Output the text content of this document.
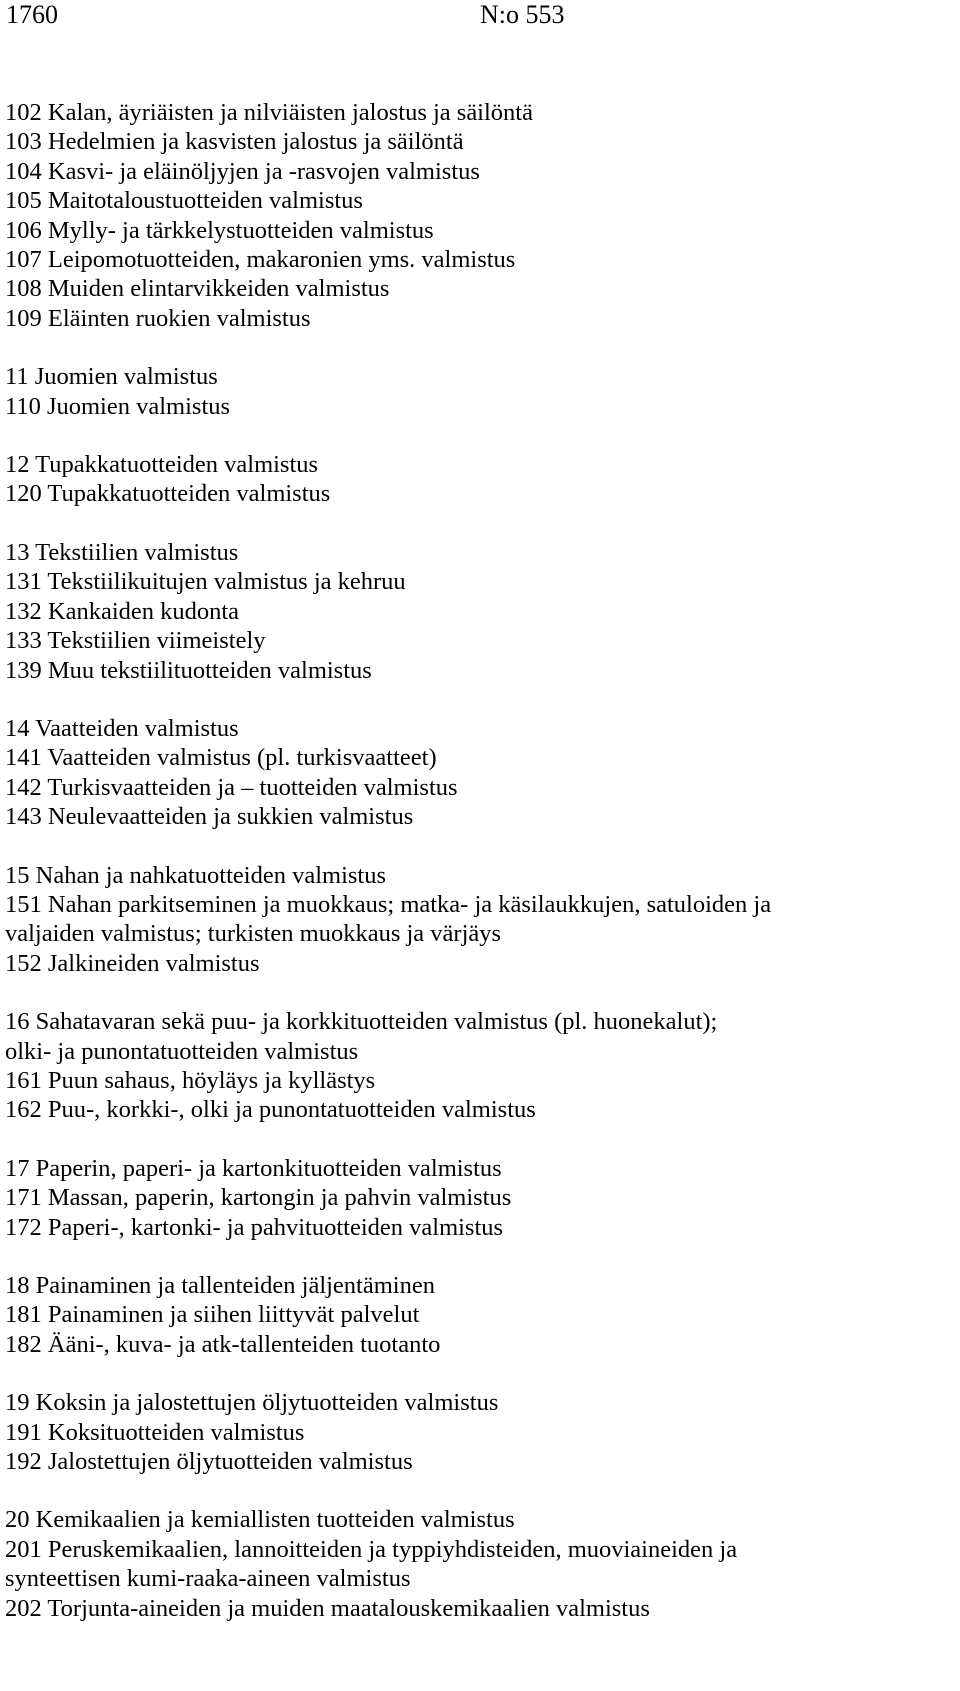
1760	N:o 553
102 Kalan, äyriäisten ja nilviäisten jalostus ja säilöntä
103 Hedelmien ja kasvisten jalostus ja säilöntä
104 Kasvi- ja eläinöljyjen ja -rasvojen valmistus
105 Maitotaloustuotteiden valmistus
106 Mylly- ja tärkkelystuotteiden valmistus
107 Leipomotuotteiden, makaronien yms. valmistus
108 Muiden elintarvikkeiden valmistus
109 Eläinten ruokien valmistus
11 Juomien valmistus
110 Juomien valmistus
12 Tupakkatuotteiden valmistus
120 Tupakkatuotteiden valmistus
13 Tekstiilien valmistus
131 Tekstiilikuitujen valmistus ja kehruu
132 Kankaiden kudonta
133 Tekstiilien viimeistely
139 Muu tekstiilituotteiden valmistus
14 Vaatteiden valmistus
141 Vaatteiden valmistus (pl. turkisvaatteet)
142 Turkisvaatteiden ja – tuotteiden valmistus
143 Neulevaatteiden ja sukkien valmistus
15 Nahan ja nahkatuotteiden valmistus
151 Nahan parkitseminen ja muokkaus; matka- ja käsilaukkujen, satuloiden ja
valjaiden valmistus; turkisten muokkaus ja värjäys
152 Jalkineiden valmistus
16 Sahatavaran sekä puu- ja korkkituotteiden valmistus (pl. huonekalut);
olki- ja punontatuotteiden valmistus
161 Puun sahaus, höyläys ja kyllästys
162 Puu-, korkki-, olki ja punontatuotteiden valmistus
17 Paperin, paperi- ja kartonkituotteiden valmistus
171 Massan, paperin, kartongin ja pahvin valmistus
172 Paperi-, kartonki- ja pahvituotteiden valmistus
18 Painaminen ja tallenteiden jäljentäminen
181 Painaminen ja siihen liittyvät palvelut
182 Ääni-, kuva- ja atk-tallenteiden tuotanto
19 Koksin ja jalostettujen öljytuotteiden valmistus
191 Koksituotteiden valmistus
192 Jalostettujen öljytuotteiden valmistus
20 Kemikaalien ja kemiallisten tuotteiden valmistus
201 Peruskemikaalien, lannoitteiden ja typpiyhdisteiden, muoviaineiden ja
synteettisen kumi-raaka-aineen valmistus
202 Torjunta-aineiden ja muiden maatalouskemikaalien valmistus
